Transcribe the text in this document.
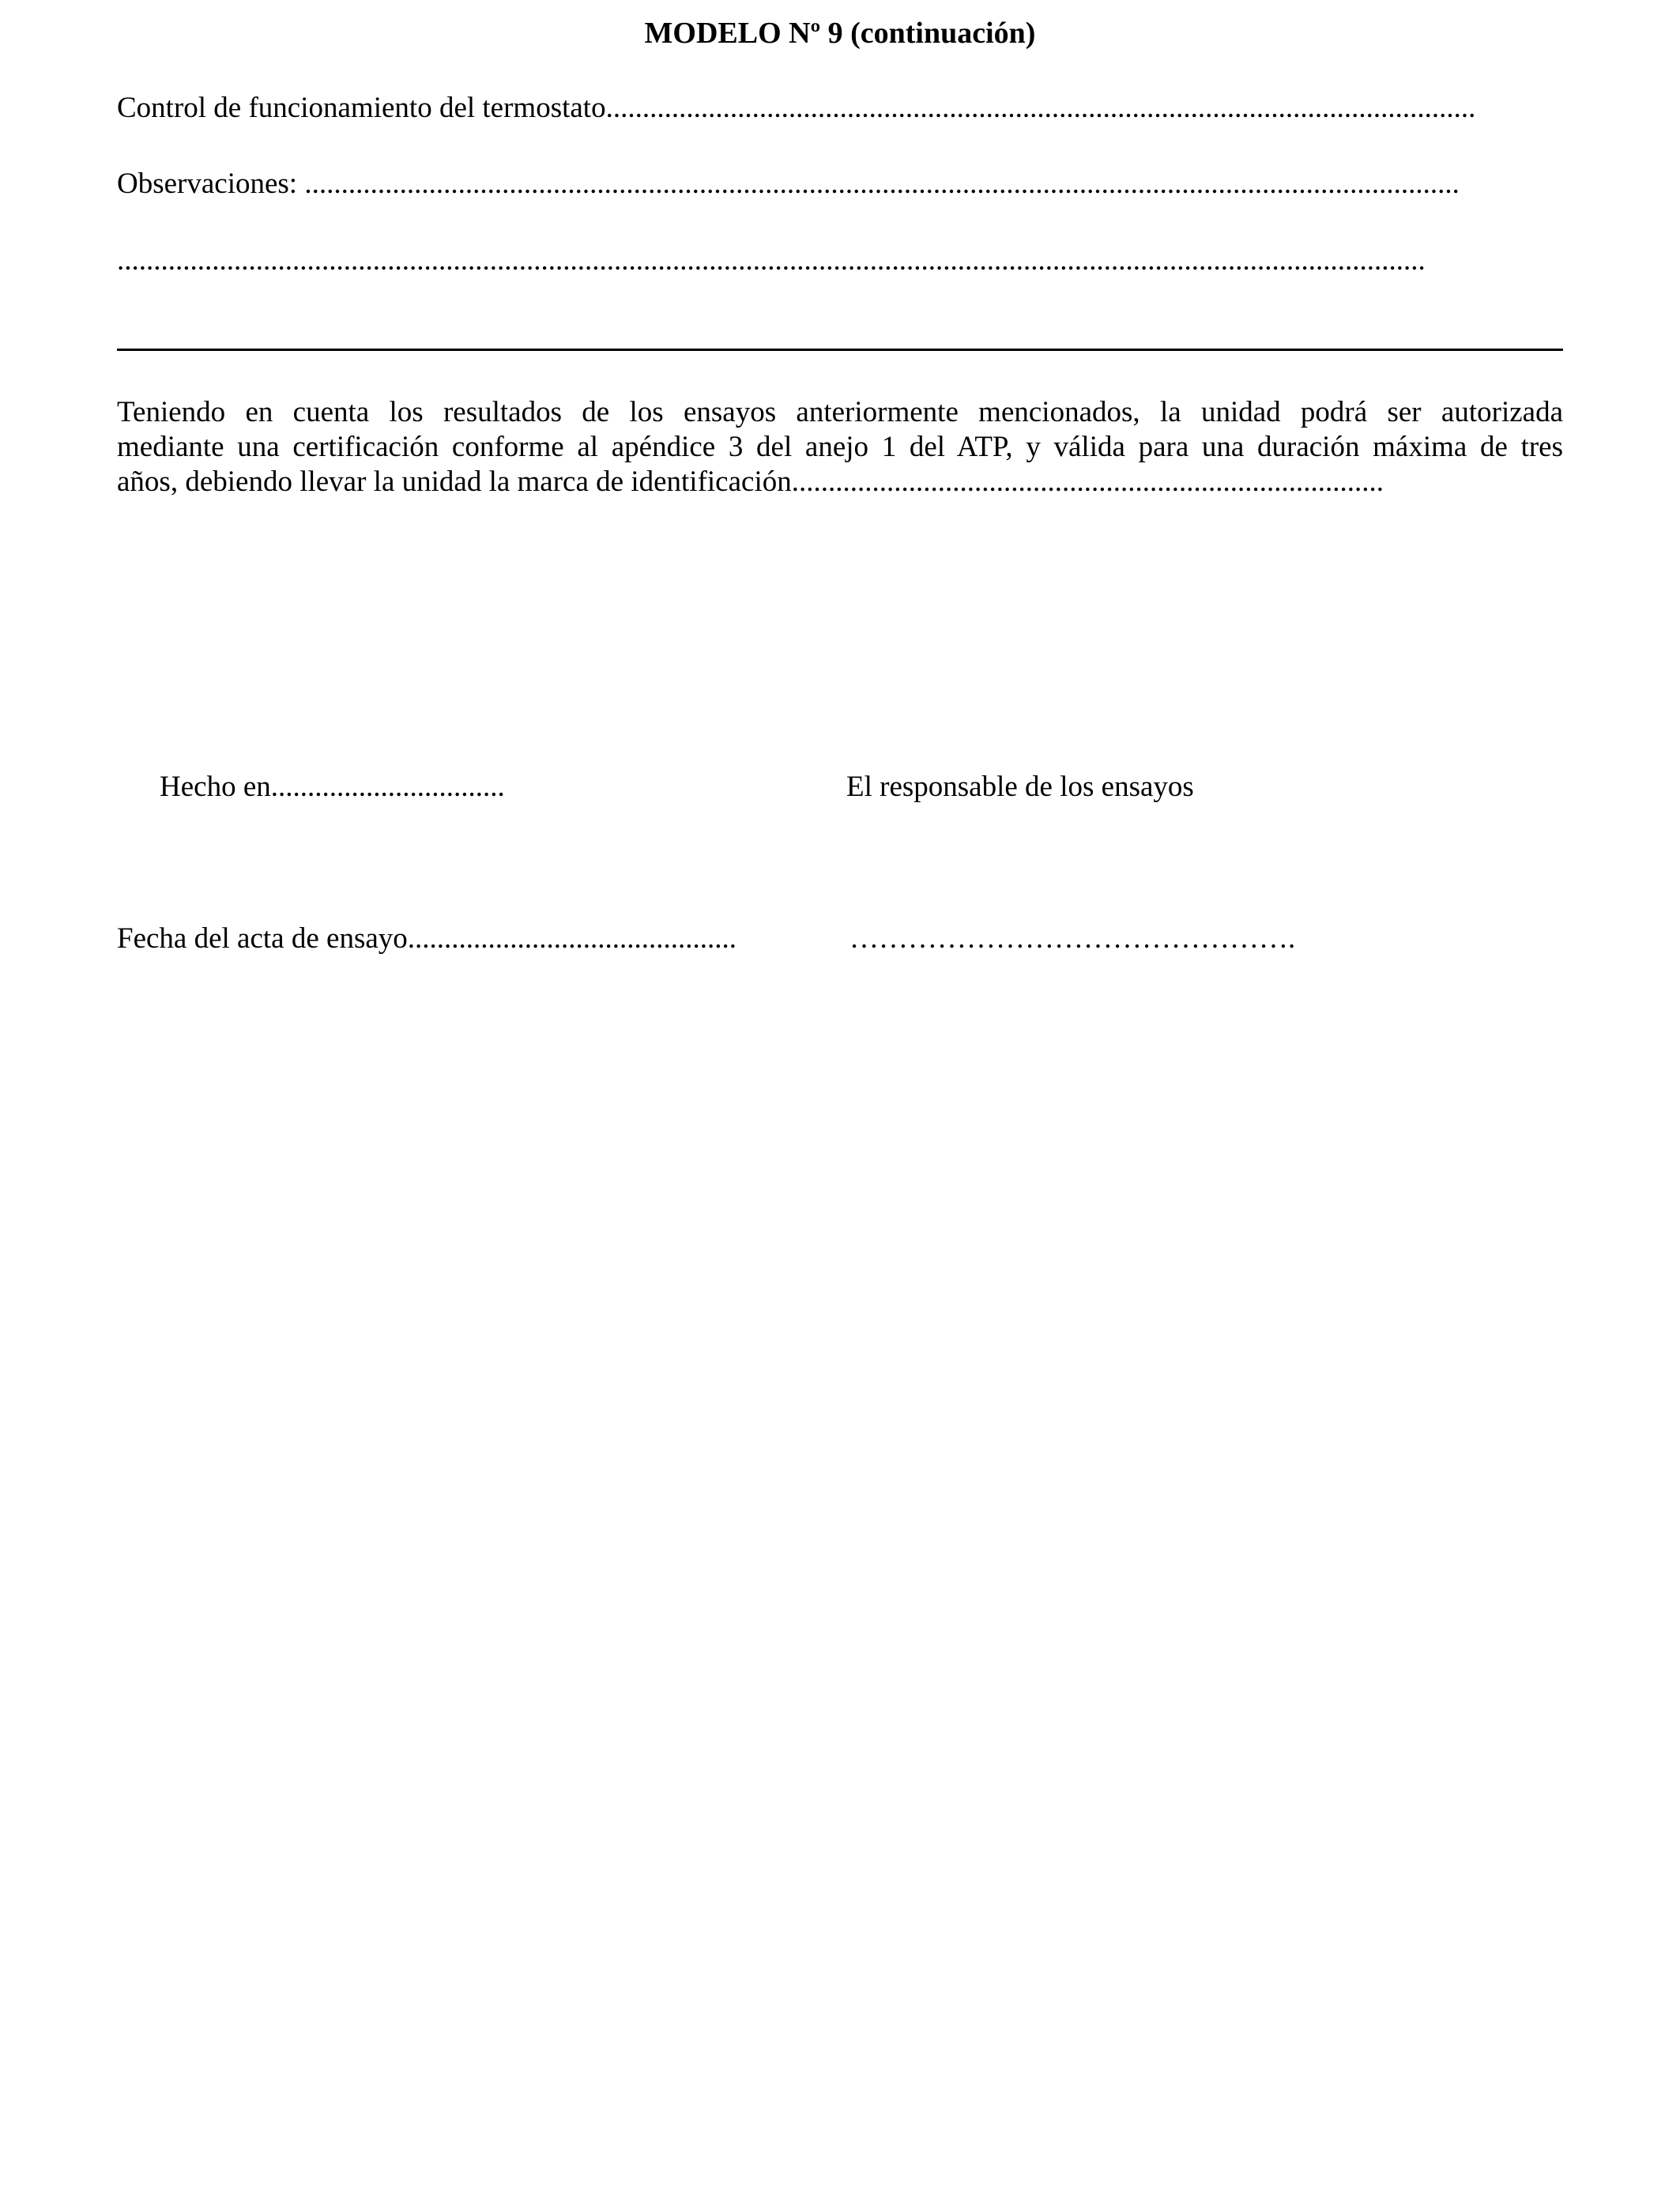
MODELO Nº 9 (continuación)
Control de funcionamiento del termostato.......................................................................................................................
Observaciones: ..............................................................................................................................................................
...................................................................................................................................................................................
Teniendo en cuenta los resultados de los ensayos anteriormente mencionados, la unidad podrá ser autorizada
mediante una certificación conforme al apéndice 3 del anejo 1 del ATP, y válida para una duración máxima de tres
años, debiendo llevar la unidad la marca de identificación.................................................................................
Hecho en................................	El responsable de los ensayos
Fecha del acta de ensayo.............................................	……………………………………….
